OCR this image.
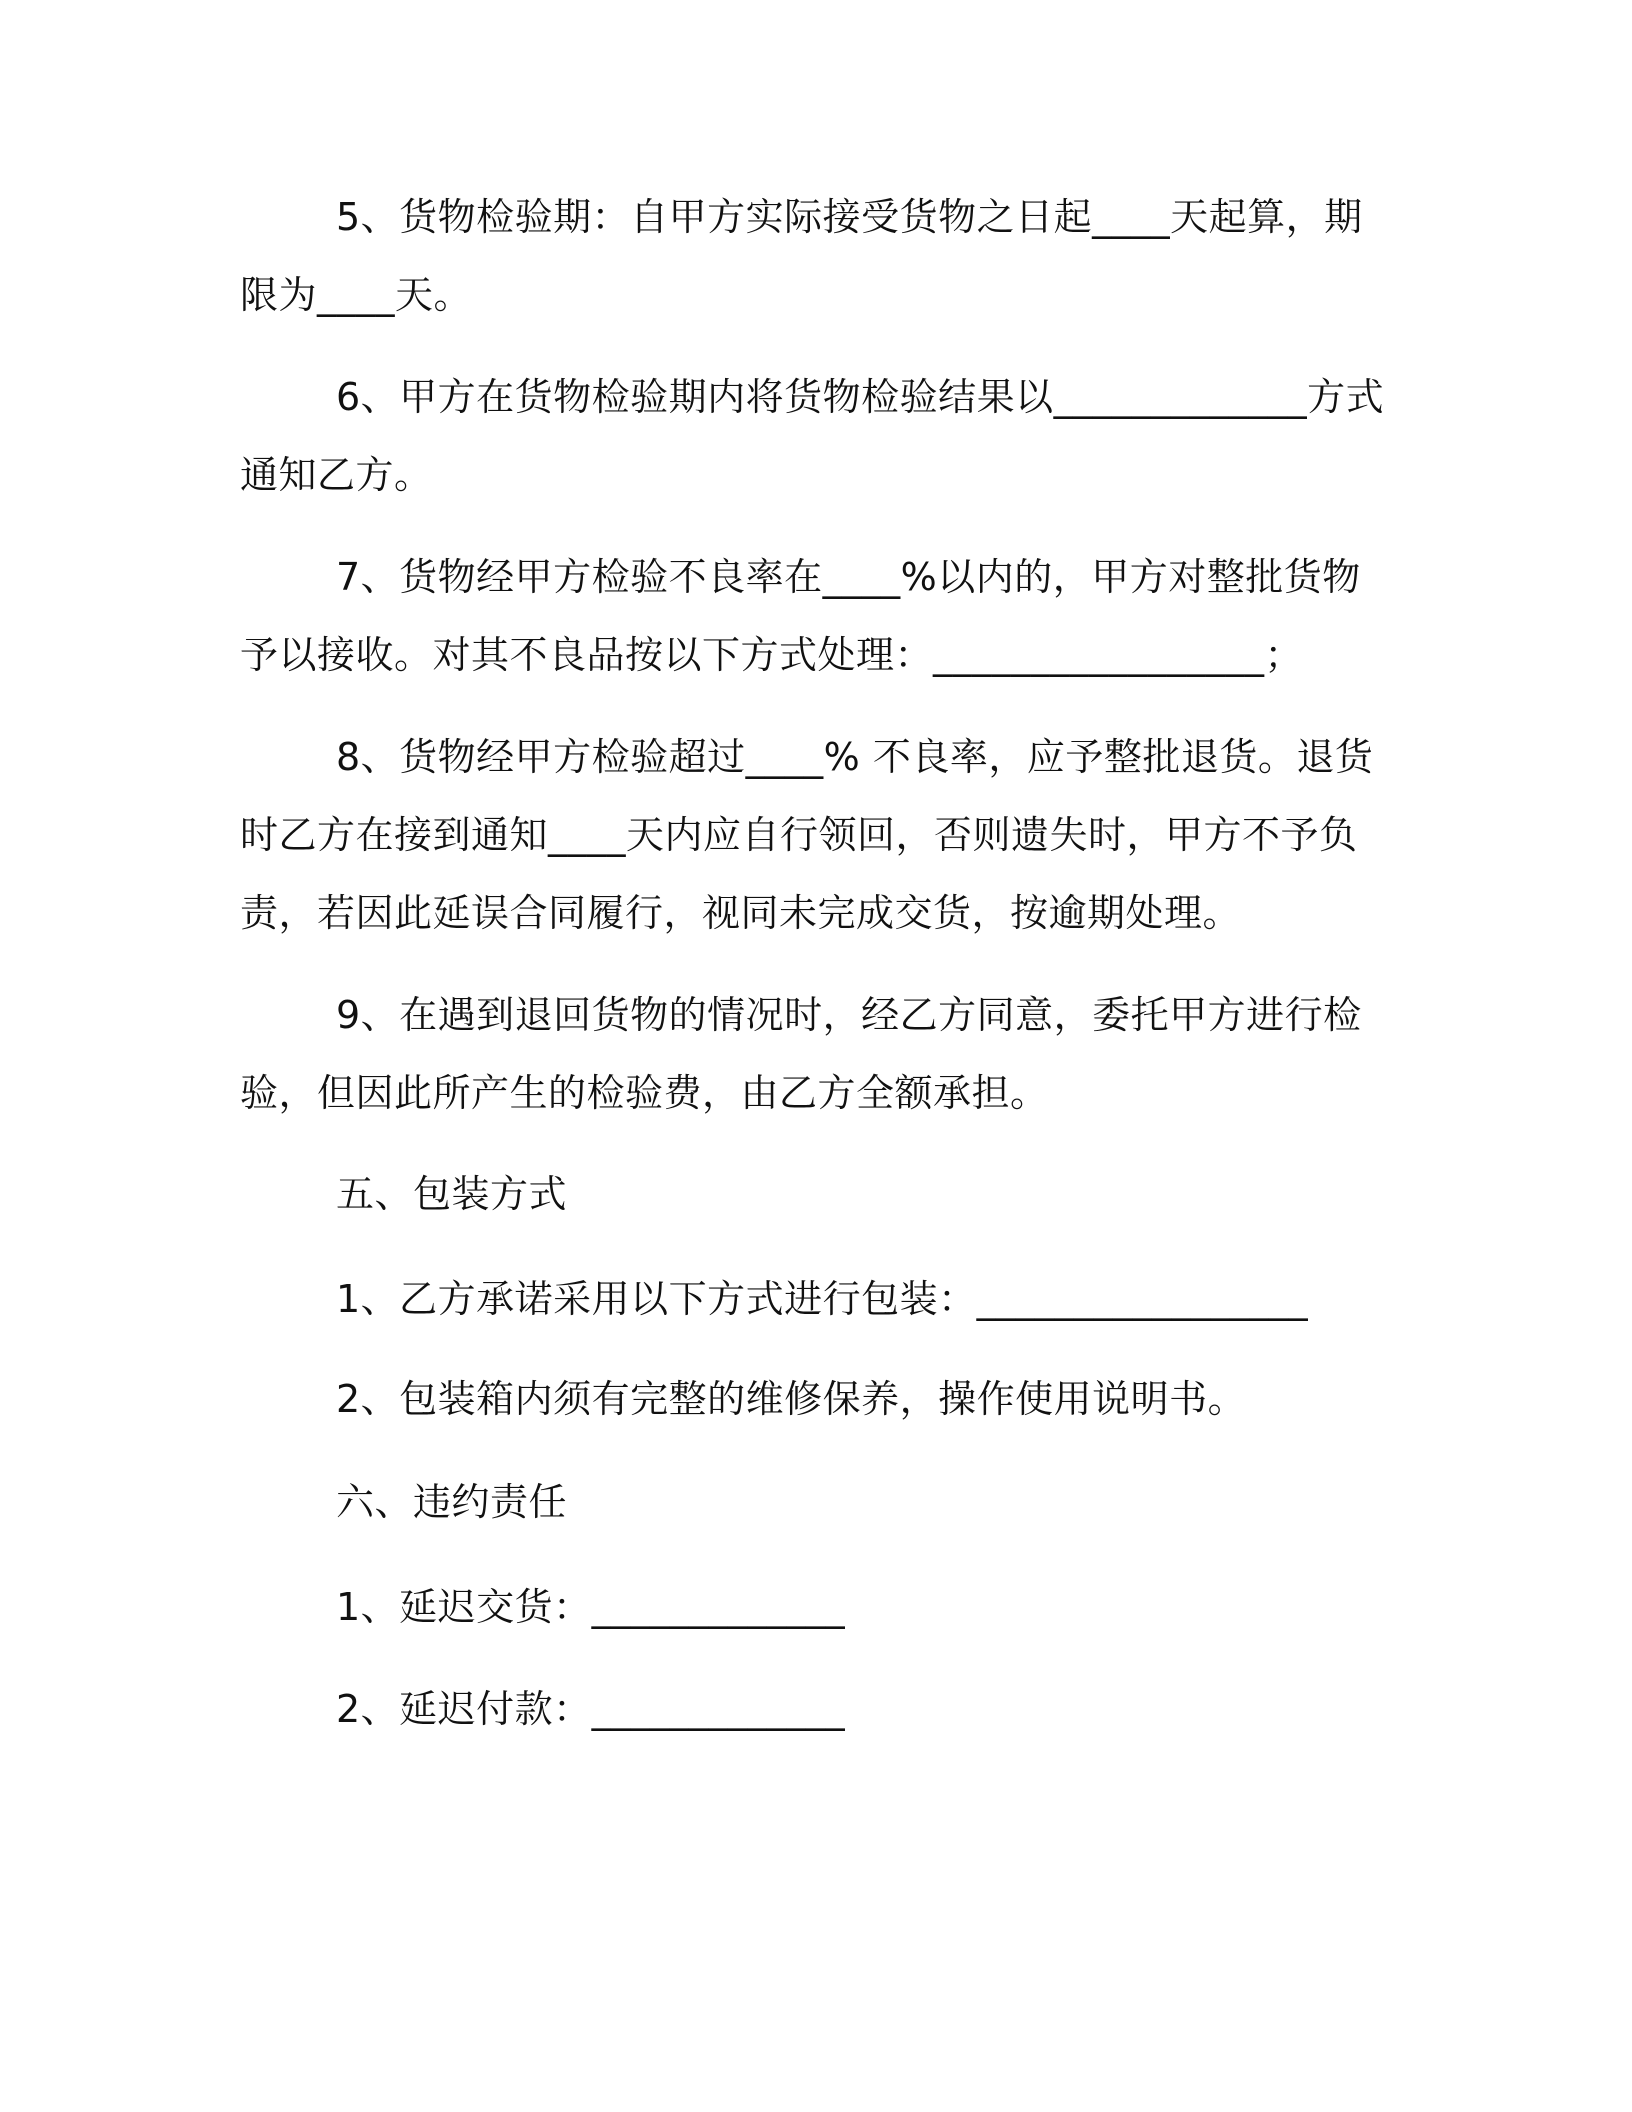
5、货物检验期：自甲方实际接受货物之日起____天起算，期限为____天。

6、甲方在货物检验期内将货物检验结果以_____________方式通知乙方。

7、货物经甲方检验不良率在____%以内的，甲方对整批货物予以接收。对其不良品按以下方式处理：_________________；

8、货物经甲方检验超过____% 不良率，应予整批退货。退货时乙方在接到通知____天内应自行领回，否则遗失时，甲方不予负责，若因此延误合同履行，视同未完成交货，按逾期处理。

9、在遇到退回货物的情况时，经乙方同意，委托甲方进行检验，但因此所产生的检验费，由乙方全额承担。

五、包装方式
1、乙方承诺采用以下方式进行包装：_________________
2、包装箱内须有完整的维修保养，操作使用说明书。
六、违约责任
1、延迟交货：_____________
2、延迟付款：_____________
